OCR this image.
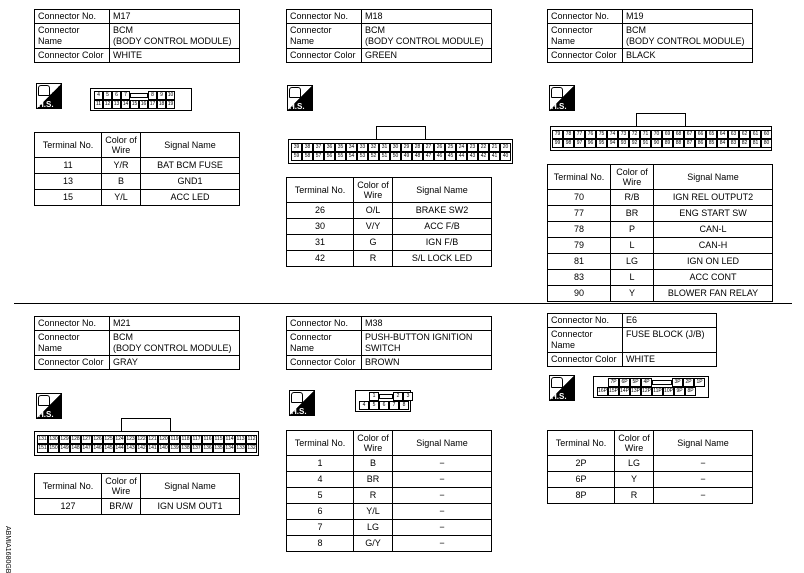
Connector No.	M17
Connector Name	BCM
(BODY CONTROL MODULE)
Connector Color	WHITE
H.S.
4	5	6	7	8	9 10
11 12 13 14 15 16 17 18 19
Terminal No.	Color of
Wire	Signal Name
11	Y/R	BAT BCM FUSE
13	B	GND1
15	Y/L	ACC LED
Connector No.	M18
Connector Name	BCM
(BODY CONTROL MODULE)
Connector Color	GREEN
H.S.
39	38	37	36	35	34	33	32	31	30	29	28	27	26	25	24	23	22	21	20
59	58	57	56	55	54	53	52	51	50	49	48	47	46	45	44	43	42	41	40
Terminal No.	Color of
Wire	Signal Name
26	O/L	BRAKE SW2
30	V/Y	ACC F/B
31	G	IGN F/B
42	R	S/L LOCK LED
Connector No.	M19
Connector Name	BCM
(BODY CONTROL MODULE)
Connector Color	BLACK
H.S.
79	78	77	76	75	74	73	72	71	70	69	68	67	66	65	64	63	62	61	60
99	98	97	96	95	94	93	92	91	90	89	88	87	86	85	84	83	82	81	80
Terminal No.	Color of
Wire	Signal Name
70	R/B	IGN REL OUTPUT2
77	BR	ENG START SW
78	P	CAN-L
79	L	CAN-H
81	LG	IGN ON LED
83	L	ACC CONT
90	Y	BLOWER FAN RELAY
Connector No.	M21
Connector Name	BCM
(BODY CONTROL MODULE)
Connector Color	GRAY
H.S.
131 130 129 128 127 126 125 124 123 122 121 120 119 118 117 116 115 114 113 112
151 150 149 148 147 146 145 144 143 142 141 140 139 138 137 136 135 134 133 132
Terminal No.	Color of
Wire	Signal Name
127	BR/W	IGN USM OUT1
Connector No.	M38
Connector Name	PUSH-BUTTON IGNITION
SWITCH
Connector Color	BROWN
H.S.
1	2	3
4	5	6	7	8
Terminal No.	Color of
Wire	Signal Name
1	B	−
4	BR	−
5	R	−
6	Y/L	−
7	LG	−
8	G/Y	−
Connector No.	E6
Connector Name	FUSE BLOCK (J/B)
Connector Color	WHITE
H.S.
7P 6P 5P 4P	3P 2P 1P
16P 15P 14P 13P 12P 11P 10P 9P 8P
Terminal No.	Color of
Wire	Signal Name
2P	LG	−
6P	Y	−
8P	R	−
ABMIA1680GB
